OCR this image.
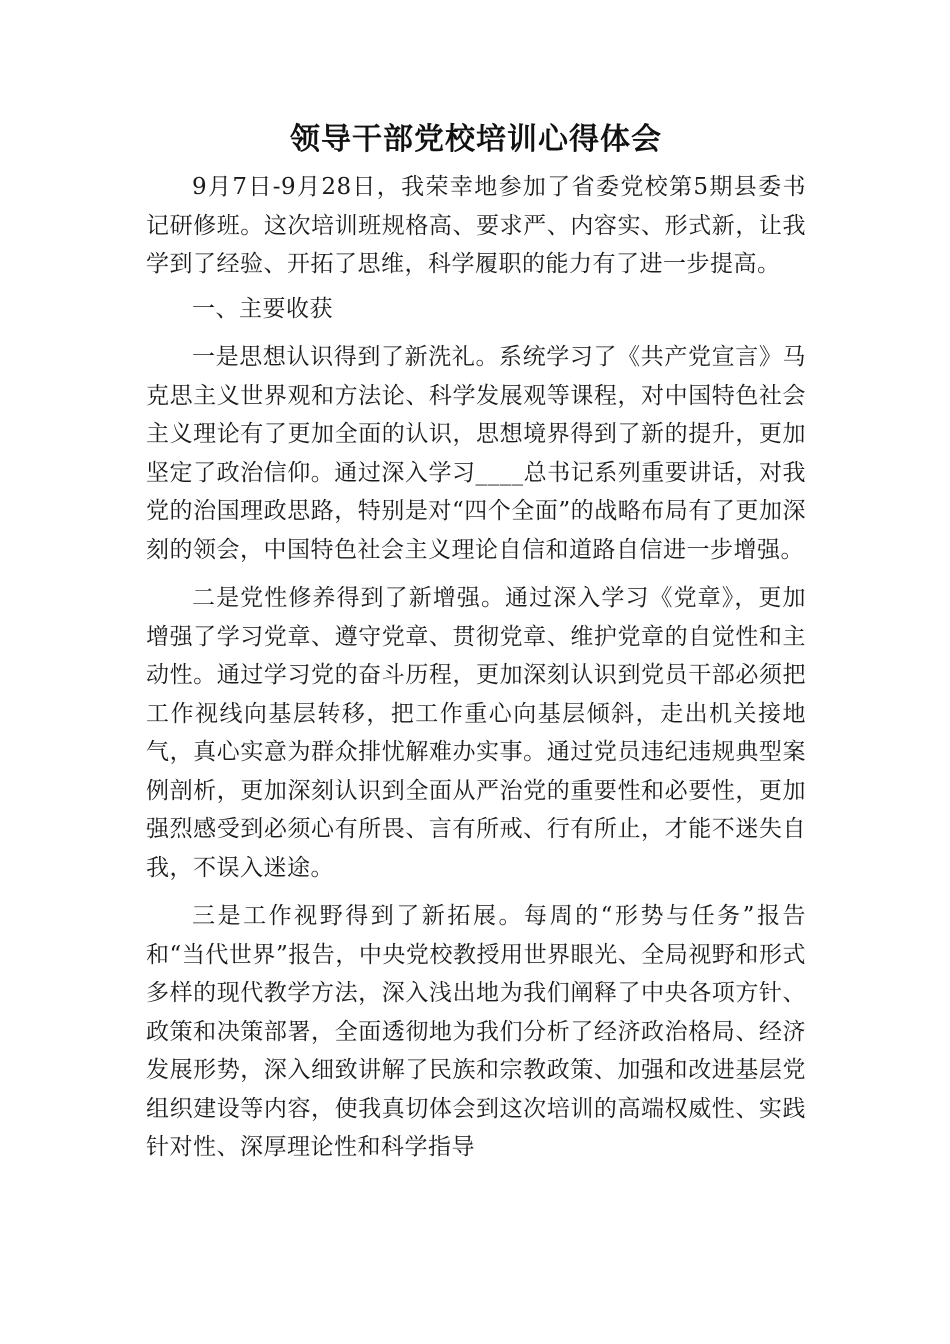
领导干部党校培训心得体会

9月7日-9月28日，我荣幸地参加了省委党校第5期县委书记研修班。这次培训班规格高、要求严、内容实、形式新，让我学到了经验、开拓了思维，科学履职的能力有了进一步提高。

一、主要收获

一是思想认识得到了新洗礼。系统学习了《共产党宣言》马克思主义世界观和方法论、科学发展观等课程，对中国特色社会主义理论有了更加全面的认识，思想境界得到了新的提升，更加坚定了政治信仰。通过深入学习____总书记系列重要讲话，对我党的治国理政思路，特别是对“四个全面”的战略布局有了更加深刻的领会，中国特色社会主义理论自信和道路自信进一步增强。

二是党性修养得到了新增强。通过深入学习《党章》，更加增强了学习党章、遵守党章、贯彻党章、维护党章的自觉性和主动性。通过学习党的奋斗历程，更加深刻认识到党员干部必须把工作视线向基层转移，把工作重心向基层倾斜，走出机关接地气，真心实意为群众排忧解难办实事。通过党员违纪违规典型案例剖析，更加深刻认识到全面从严治党的重要性和必要性，更加强烈感受到必须心有所畏、言有所戒、行有所止，才能不迷失自我，不误入迷途。

三是工作视野得到了新拓展。每周的“形势与任务”报告和“当代世界”报告，中央党校教授用世界眼光、全局视野和形式多样的现代教学方法，深入浅出地为我们阐释了中央各项方针、政策和决策部署，全面透彻地为我们分析了经济政治格局、经济发展形势，深入细致讲解了民族和宗教政策、加强和改进基层党组织建设等内容，使我真切体会到这次培训的高端权威性、实践针对性、深厚理论性和科学指导
